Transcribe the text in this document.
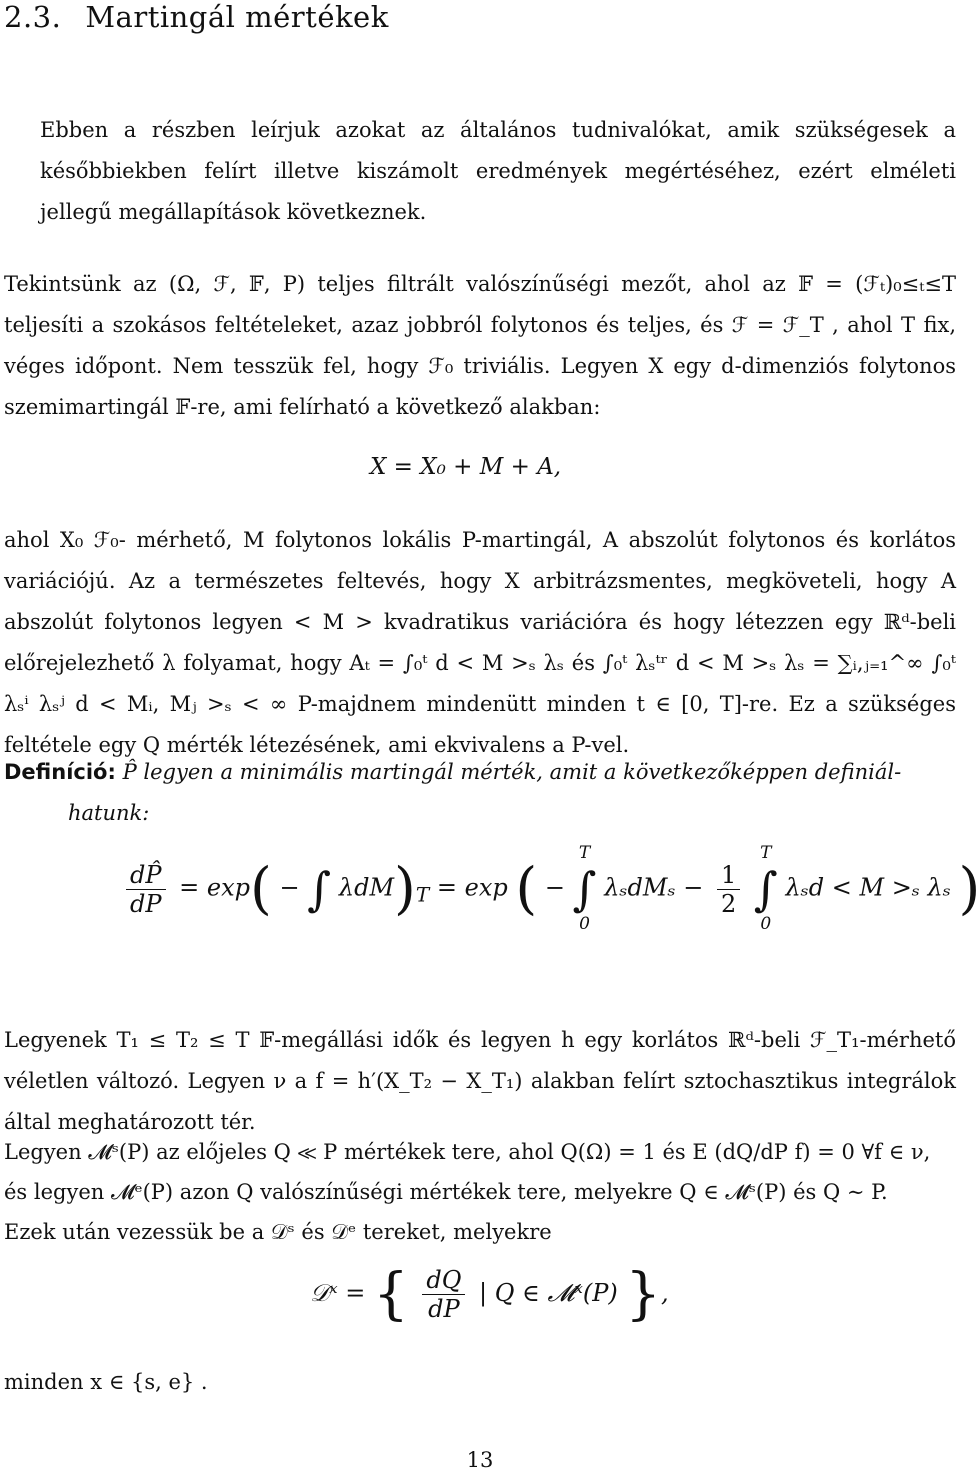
2.3. Martingál mértékek
Ebben a részben leírjuk azokat az általános tudnivalókat, amik szükségesek a későbbiekben felírt illetve kiszámolt eredmények megértéséhez, ezért elméleti jellegű megállapítások következnek.
Tekintsünk az (Ω, ℱ, 𝔽, P) teljes filtrált valószínűségi mezőt, ahol az 𝔽 = (ℱₜ)₀≤ₜ≤T teljesíti a szokásos feltételeket, azaz jobbról folytonos és teljes, és ℱ = ℱ_T , ahol T fix, véges időpont. Nem tesszük fel, hogy ℱ₀ triviális. Legyen X egy d-dimenziós folytonos szemimartingál 𝔽-re, ami felírható a következő alakban:
X = X₀ + M + A,
ahol X₀ ℱ₀- mérhető, M folytonos lokális P-martingál, A abszolút folytonos és korlátos variációjú. Az a természetes feltevés, hogy X arbitrázsmentes, megköveteli, hogy A abszolút folytonos legyen < M > kvadratikus variációra és hogy létezzen egy ℝᵈ-beli előrejelezhető λ folyamat, hogy Aₜ = ∫₀ᵗ d < M >ₛ λₛ és ∫₀ᵗ λₛᵗʳ d < M >ₛ λₛ = ∑ᵢ,ⱼ₌₁^∞ ∫₀ᵗ λₛⁱ λₛʲ d < Mᵢ, Mⱼ >ₛ < ∞ P-majdnem mindenütt minden t ∈ [0, T]-re. Ez a szükséges feltétele egy Q mérték létezésének, ami ekvivalens a P-vel.
Definíció: P̂ legyen a minimális martingál mérték, amit a következőképpen definiál-
hatunk:
$\frac{dP̂}{dP} = \exp$( − ∫ $\lambda dM)_T = \exp$ ( −
T
∫
0
$\lambda_sdM_s - \frac{1}{2}$

T
∫
0
λₛd < M >ₛ λₛ )
Legyenek T₁ ≤ T₂ ≤ T 𝔽-megállási idők és legyen h egy korlátos ℝᵈ-beli ℱ_T₁-mérhető véletlen változó. Legyen ν a f = h′(X_T₂ − X_T₁) alakban felírt sztochasztikus integrálok által meghatározott tér.
Legyen 𝓜ˢ(P) az előjeles Q ≪ P mértékek tere, ahol Q(Ω) = 1 és E (dQ/dP f) = 0 ∀f ∈ ν,
és legyen 𝓜ᵉ(P) azon Q valószínűségi mértékek tere, melyekre Q ∈ 𝓜ˢ(P) és Q ∼ P.
Ezek után vezessük be a 𝒟ˢ és 𝒟ᵉ tereket, melyekre
𝒟ˣ = { $\frac{dQ}{dP}$ | Q ∈ 𝓜ˣ(P) },
minden x ∈ {s, e} .
13
